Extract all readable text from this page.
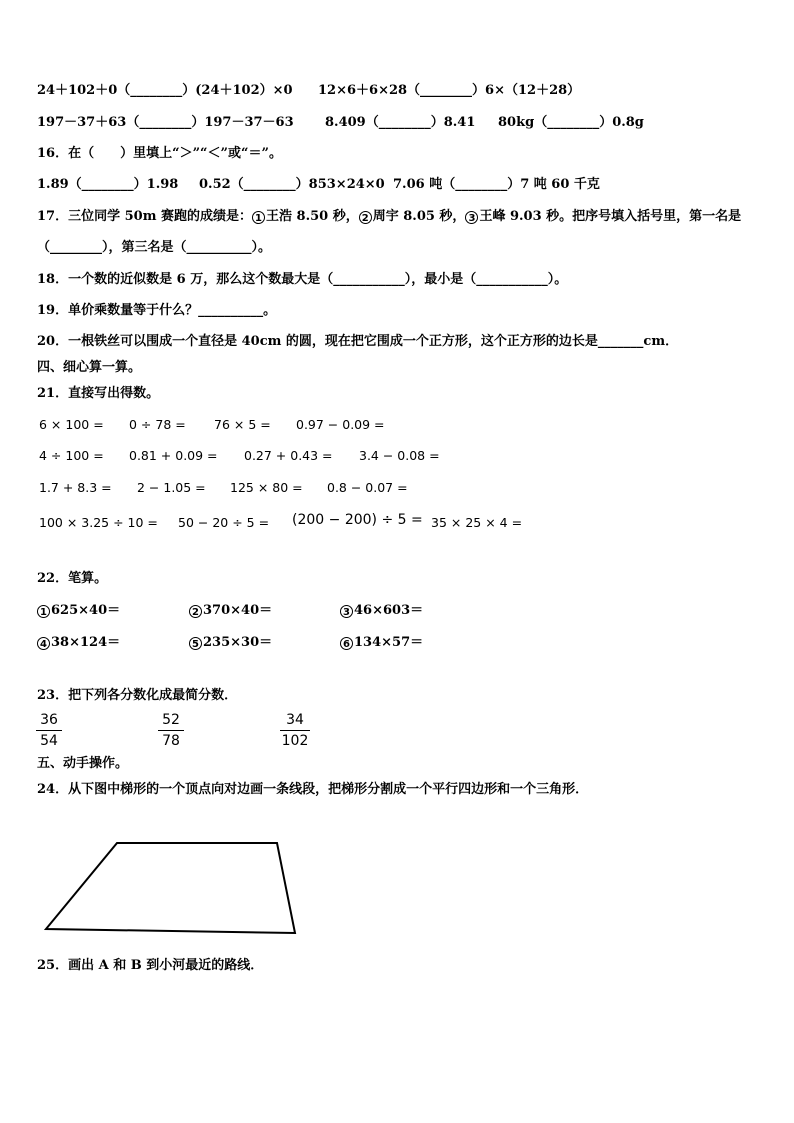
24＋102＋0（________）(24＋102）×0 12×6＋6×28（________）6×（12＋28）
197－37＋63（________）197－37－63 8.409（________）8.41 80kg（________）0.8g
16．在（　　）里填上“＞”“＜”或“＝”。
1.89（________）1.98 0.52（________）853×24×0 7.06 吨（________）7 吨 60 千克
17．三位同学 50m 赛跑的成绩是： 1 王浩 8.50 秒， 2 周宇 8.05 秒， 3 王峰 9.03 秒。把序号填入括号里，第一名是
（________），第三名是（__________）。
18．一个数的近似数是 6 万，那么这个数最大是（___________），最小是（___________）。
19．单价乘数量等于什么？__________。
20．一根铁丝可以围成一个直径是 40cm 的圆，现在把它围成一个正方形，这个正方形的边长是_______cm．
四、细心算一算。
21．直接写出得数。
6 × 100 = 0 ÷ 78 = 76 × 5 = 0.97 − 0.09 =
4 ÷ 100 = 0.81 + 0.09 = 0.27 + 0.43 = 3.4 − 0.08 =
1.7 + 8.3 = 2 − 1.05 = 125 × 80 = 0.8 − 0.07 =
100 × 3.25 ÷ 10 = 50 − 20 ÷ 5 = (200 − 200) ÷ 5 = 35 × 25 × 4 =
22．笔算。
1 625×40＝	2 370×40＝	3 46×603＝
4 38×124＝	5 235×30＝	6 134×57＝
23．把下列各分数化成最简分数．
36
54
52
78
34
102
五、动手操作。
24．从下图中梯形的一个顶点向对边画一条线段，把梯形分割成一个平行四边形和一个三角形．
25．画出 A 和 B 到小河最近的路线．
